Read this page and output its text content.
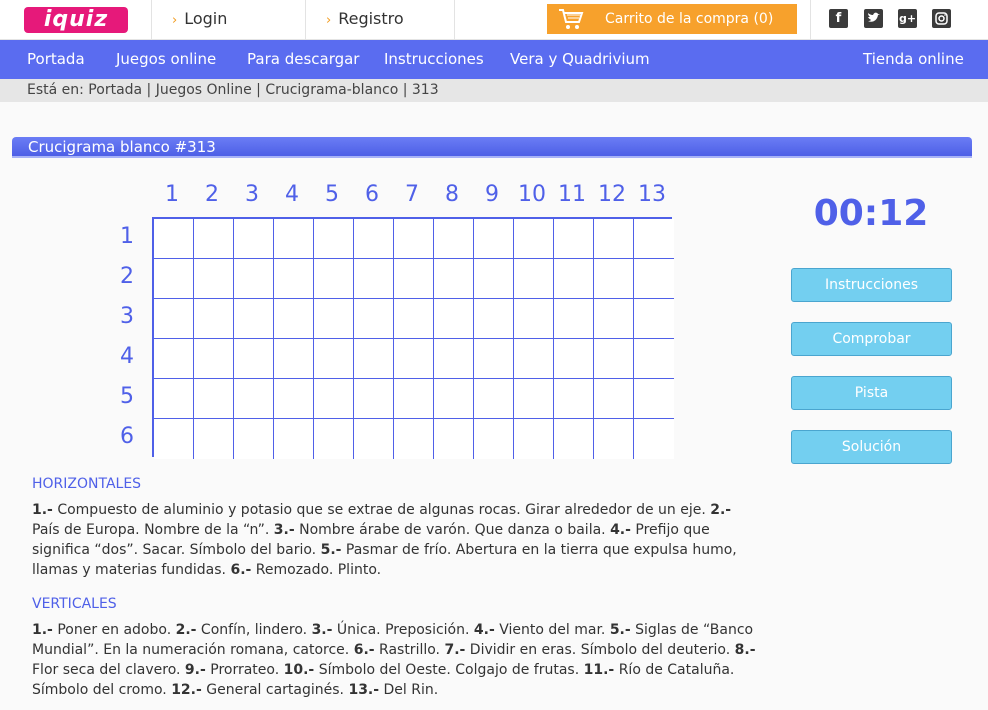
iquiz	› Login	› Registro	Carrito de la compra (0)	f	g+
Portada Juegos online Para descargar Instrucciones Vera y Quadrivium	Tienda online
Está en: Portada | Juegos Online | Crucigrama-blanco | 313
Crucigrama blanco #313
1	2	3	4	5	6	7	8	9 10 11 12 13
1
2
3
4
5
6
00:12
Instrucciones
Comprobar
Pista
Solución
HORIZONTALES
1.- Compuesto de aluminio y potasio que se extrae de algunas rocas. Girar alrededor de un eje. 2.- País de Europa. Nombre de la “n”. 3.- Nombre árabe de varón. Que danza o baila. 4.- Prefijo que significa “dos”. Sacar. Símbolo del bario. 5.- Pasmar de frío. Abertura en la tierra que expulsa humo, llamas y materias fundidas. 6.- Remozado. Plinto.
VERTICALES
1.- Poner en adobo. 2.- Confín, lindero. 3.- Única. Preposición. 4.- Viento del mar. 5.- Siglas de “Banco Mundial”. En la numeración romana, catorce. 6.- Rastrillo. 7.- Dividir en eras. Símbolo del deuterio. 8.- Flor seca del clavero. 9.- Prorrateo. 10.- Símbolo del Oeste. Colgajo de frutas. 11.- Río de Cataluña. Símbolo del cromo. 12.- General cartaginés. 13.- Del Rin.
